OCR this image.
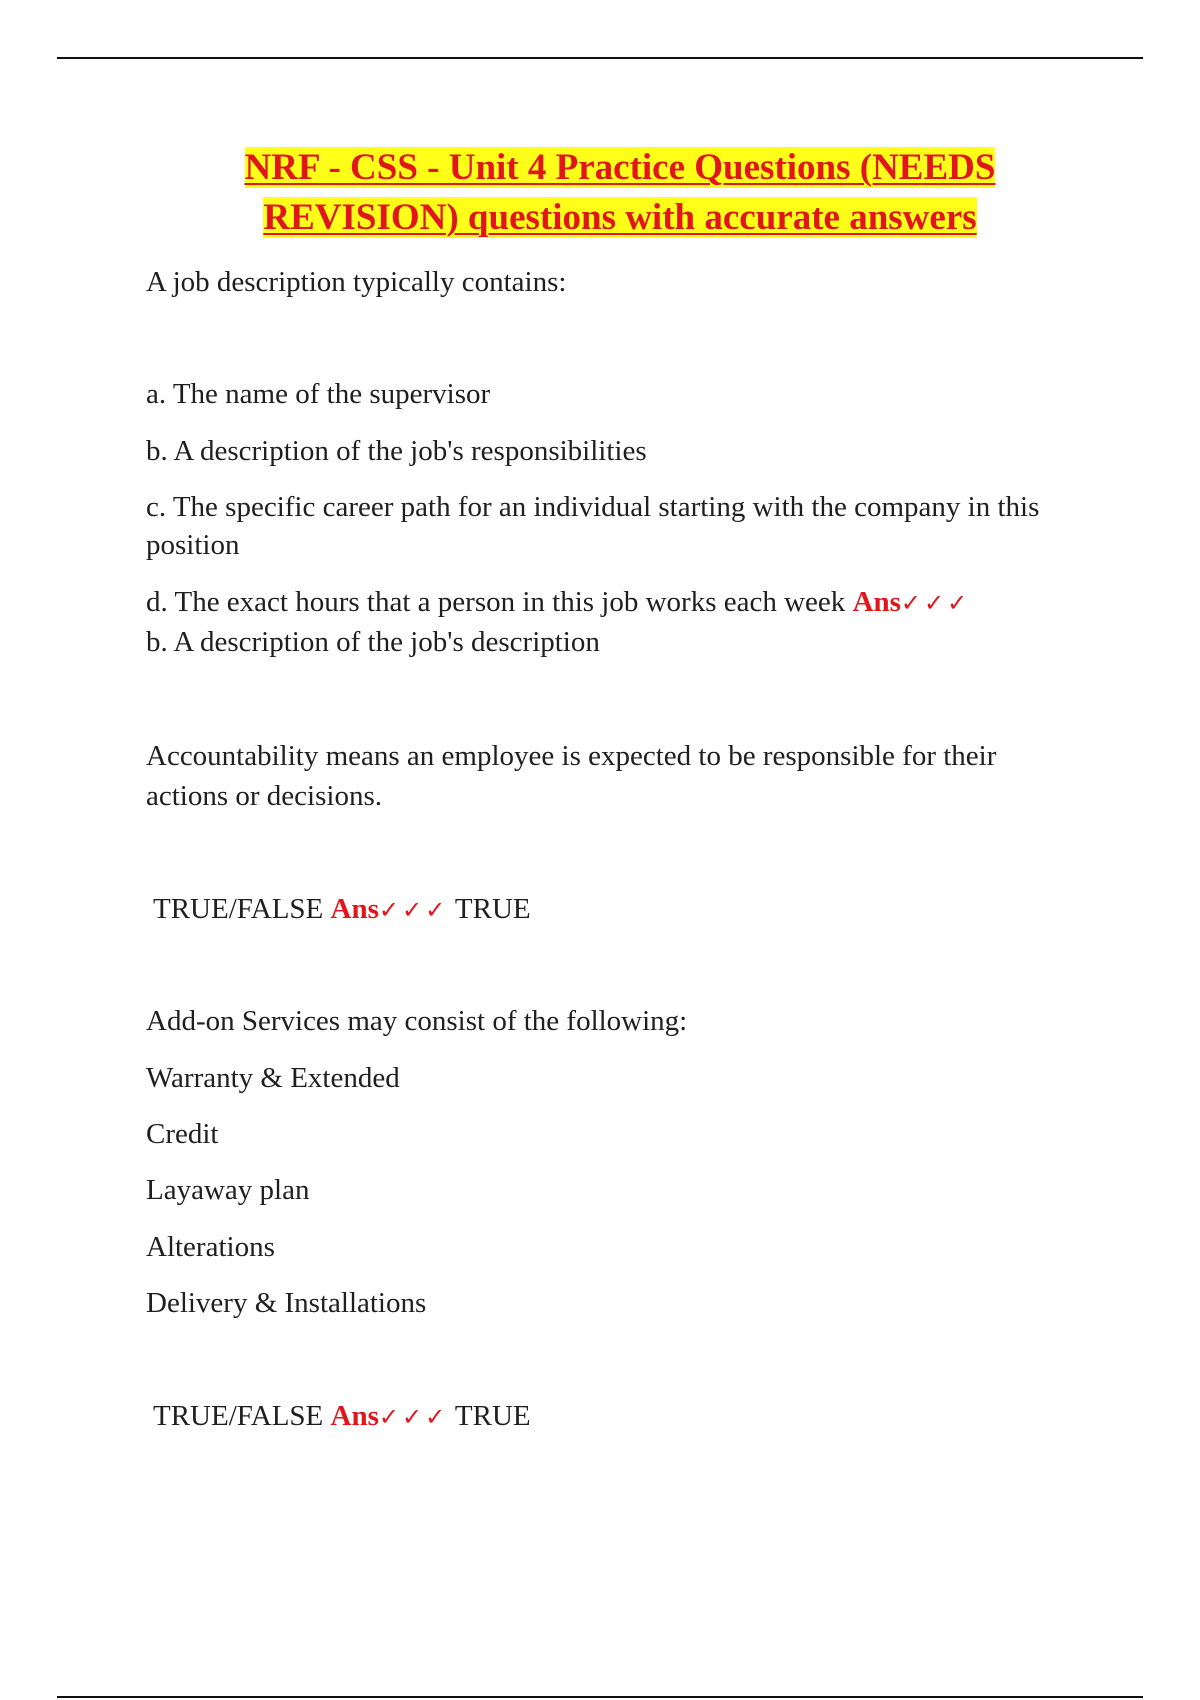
NRF - CSS - Unit 4 Practice Questions (NEEDS
REVISION) questions with accurate answers

A job description typically contains:

a. The name of the supervisor

b. A description of the job's responsibilities

c. The specific career path for an individual starting with the company in this position

d. The exact hours that a person in this job works each week Ans✓✓✓

b. A description of the job's description

Accountability means an employee is expected to be responsible for their actions or decisions.

TRUE/FALSE Ans✓✓✓ TRUE

Add-on Services may consist of the following:

Warranty & Extended

Credit

Layaway plan

Alterations

Delivery & Installations

TRUE/FALSE Ans✓✓✓ TRUE
